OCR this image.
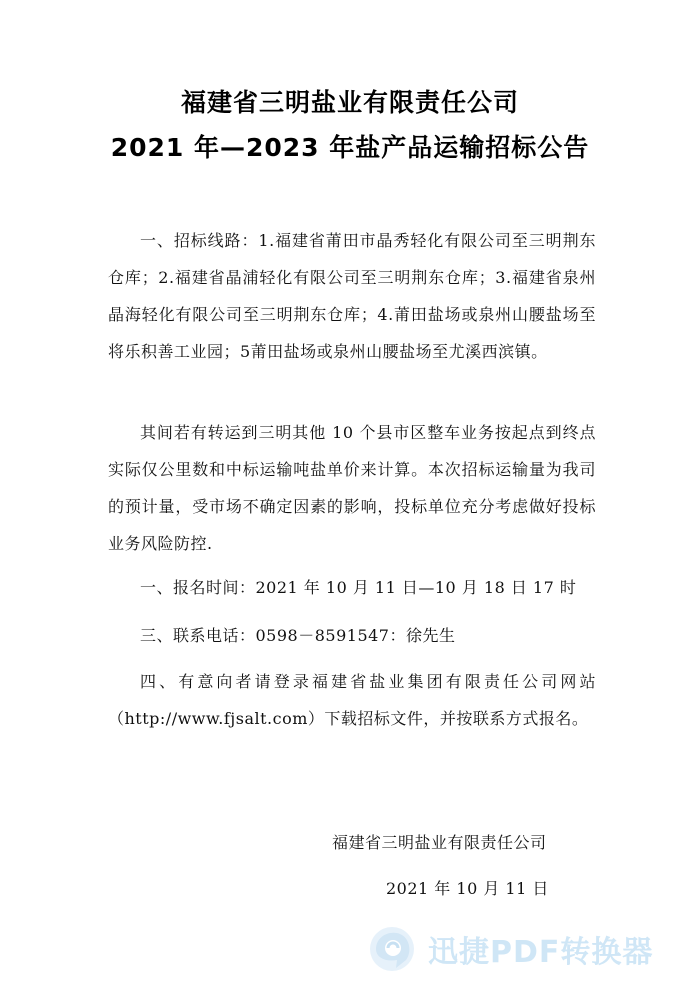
福建省三明盐业有限责任公司
2021 年—2023 年盐产品运输招标公告
一、招标线路：1.福建省莆田市晶秀轻化有限公司至三明荆东仓库；2.福建省晶浦轻化有限公司至三明荆东仓库；3.福建省泉州晶海轻化有限公司至三明荆东仓库；4.莆田盐场或泉州山腰盐场至将乐积善工业园；5莆田盐场或泉州山腰盐场至尤溪西滨镇。
其间若有转运到三明其他 10 个县市区整车业务按起点到终点实际仅公里数和中标运输吨盐单价来计算。本次招标运输量为我司的预计量，受市场不确定因素的影响，投标单位充分考虑做好投标业务风险防控.
一、报名时间：2021 年 10 月 11 日—10 月 18 日 17 时
三、联系电话：0598－8591547：徐先生
四、有意向者请登录福建省盐业集团有限责任公司网站（http://www.fjsalt.com）下载招标文件，并按联系方式报名。
福建省三明盐业有限责任公司
2021 年 10 月 11 日
迅捷PDF转换器
